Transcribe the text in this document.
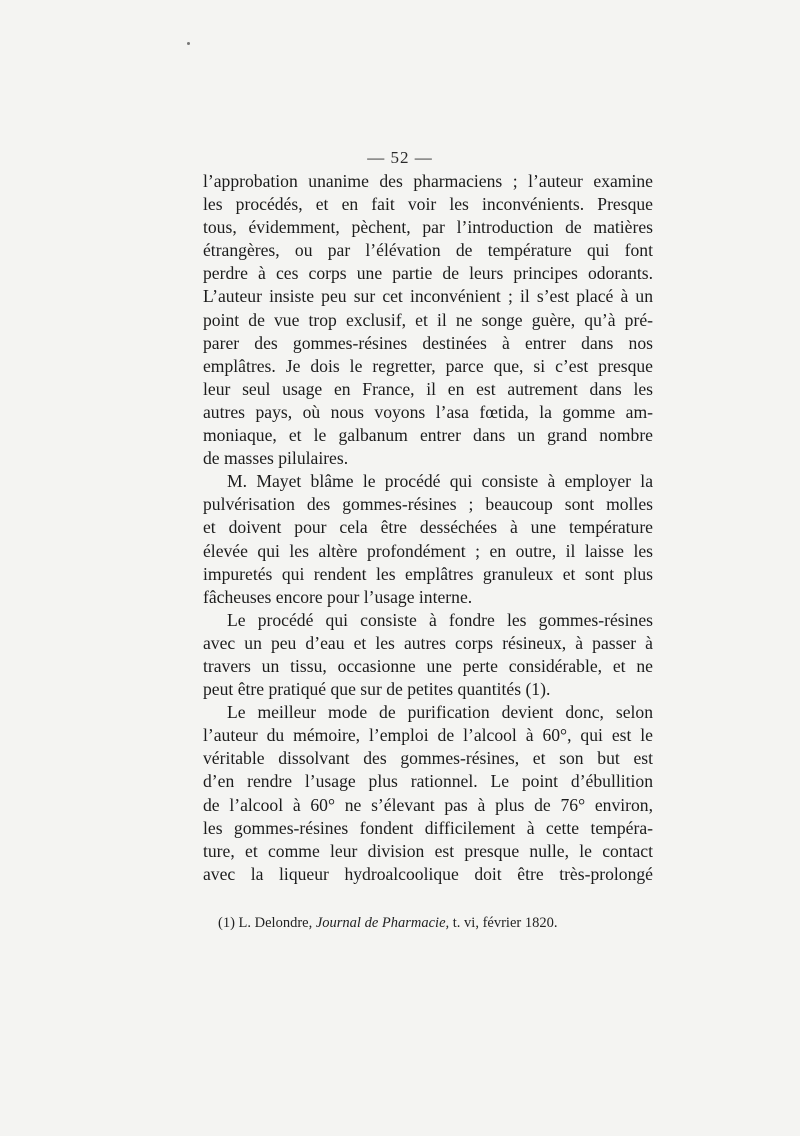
— 52 —
l’approbation unanime des pharmaciens ; l’auteur examine
les procédés, et en fait voir les inconvénients. Presque
tous, évidemment, pèchent, par l’introduction de matières
étrangères, ou par l’élévation de température qui font
perdre à ces corps une partie de leurs principes odorants.
L’auteur insiste peu sur cet inconvénient ; il s’est placé à un
point de vue trop exclusif, et il ne songe guère, qu’à pré-
parer des gommes-résines destinées à entrer dans nos
emplâtres. Je dois le regretter, parce que, si c’est presque
leur seul usage en France, il en est autrement dans les
autres pays, où nous voyons l’asa fœtida, la gomme am-
moniaque, et le galbanum entrer dans un grand nombre
de masses pilulaires.
M. Mayet blâme le procédé qui consiste à employer la
pulvérisation des gommes-résines ; beaucoup sont molles
et doivent pour cela être desséchées à une température
élevée qui les altère profondément ; en outre, il laisse les
impuretés qui rendent les emplâtres granuleux et sont plus
fâcheuses encore pour l’usage interne.
Le procédé qui consiste à fondre les gommes-résines
avec un peu d’eau et les autres corps résineux, à passer à
travers un tissu, occasionne une perte considérable, et ne
peut être pratiqué que sur de petites quantités (1).
Le meilleur mode de purification devient donc, selon
l’auteur du mémoire, l’emploi de l’alcool à 60°, qui est le
véritable dissolvant des gommes-résines, et son but est
d’en rendre l’usage plus rationnel. Le point d’ébullition
de l’alcool à 60° ne s’élevant pas à plus de 76° environ,
les gommes-résines fondent difficilement à cette tempéra-
ture, et comme leur division est presque nulle, le contact
avec la liqueur hydroalcoolique doit être très-prolongé
(1) L. Delondre, Journal de Pharmacie, t. vi, février 1820.
